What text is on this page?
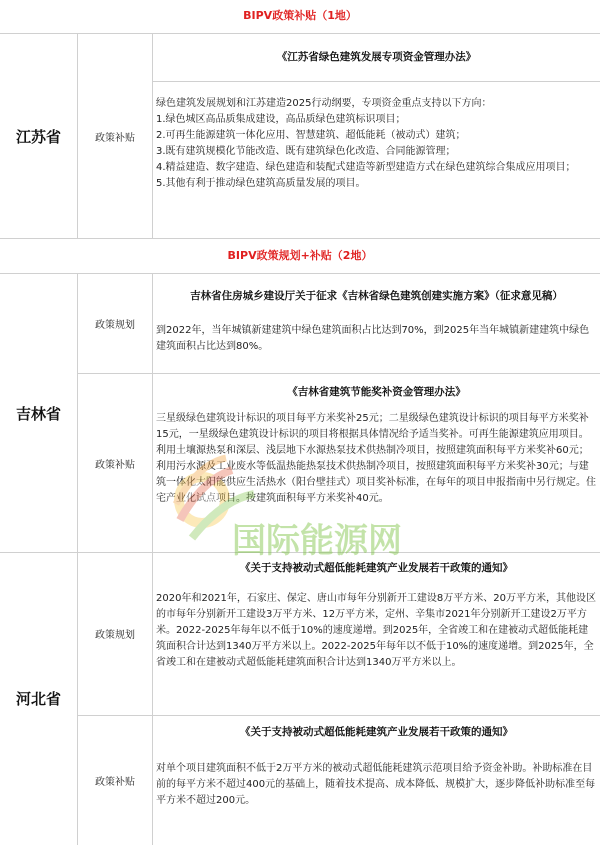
BIPV政策补贴（1地）
江苏省	政策补贴
《江苏省绿色建筑发展专项资金管理办法》
绿色建筑发展规划和江苏建造2025行动纲要，专项资金重点支持以下方向：
1.绿色城区高品质集成建设，高品质绿色建筑标识项目；
2.可再生能源建筑一体化应用、智慧建筑、超低能耗（被动式）建筑；
3.既有建筑规模化节能改造、既有建筑绿色化改造、合同能源管理；
4.精益建造、数字建造、绿色建造和装配式建造等新型建造方式在绿色建筑综合集成应用项目；
5.其他有利于推动绿色建筑高质量发展的项目。
BIPV政策规划+补贴（2地）
吉林省
政策规划
吉林省住房城乡建设厅关于征求《吉林省绿色建筑创建实施方案》（征求意见稿）
到2022年，当年城镇新建建筑中绿色建筑面积占比达到70%，到2025年当年城镇新建建筑中绿色建筑面积占比达到80%。
政策补贴
《吉林省建筑节能奖补资金管理办法》
三星级绿色建筑设计标识的项目每平方米奖补25元；二星级绿色建筑设计标识的项目每平方米奖补15元，一星级绿色建筑设计标识的项目将根据具体情况给予适当奖补。可再生能源建筑应用项目。利用土壤源热泵和深层、浅层地下水源热泵技术供热制冷项目，按照建筑面积每平方米奖补60元；利用污水源及工业废水等低温热能热泵技术供热制冷项目，按照建筑面积每平方米奖补30元；与建筑一体化太阳能供应生活热水（阳台壁挂式）项目奖补标准，在每年的项目申报指南中另行规定。住宅产业化试点项目。按建筑面积每平方米奖补40元。
河北省
政策规划
《关于支持被动式超低能耗建筑产业发展若干政策的通知》
2020年和2021年，石家庄、保定、唐山市每年分别新开工建设8万平方米、20万平方米，其他设区的市每年分别新开工建设3万平方米、12万平方米，定州、辛集市2021年分别新开工建设2万平方米。2022-2025年每年以不低于10%的速度递增。到2025年，全省竣工和在建被动式超低能耗建筑面积合计达到1340万平方米以上。2022-2025年每年以不低于10%的速度递增。到2025年，全省竣工和在建被动式超低能耗建筑面积合计达到1340万平方米以上。
政策补贴
《关于支持被动式超低能耗建筑产业发展若干政策的通知》
对单个项目建筑面积不低于2万平方米的被动式超低能耗建筑示范项目给予资金补助。补助标准在目前的每平方米不超过400元的基础上，随着技术提高、成本降低、规模扩大，逐步降低补助标准至每平方米不超过200元。
国际能源网
